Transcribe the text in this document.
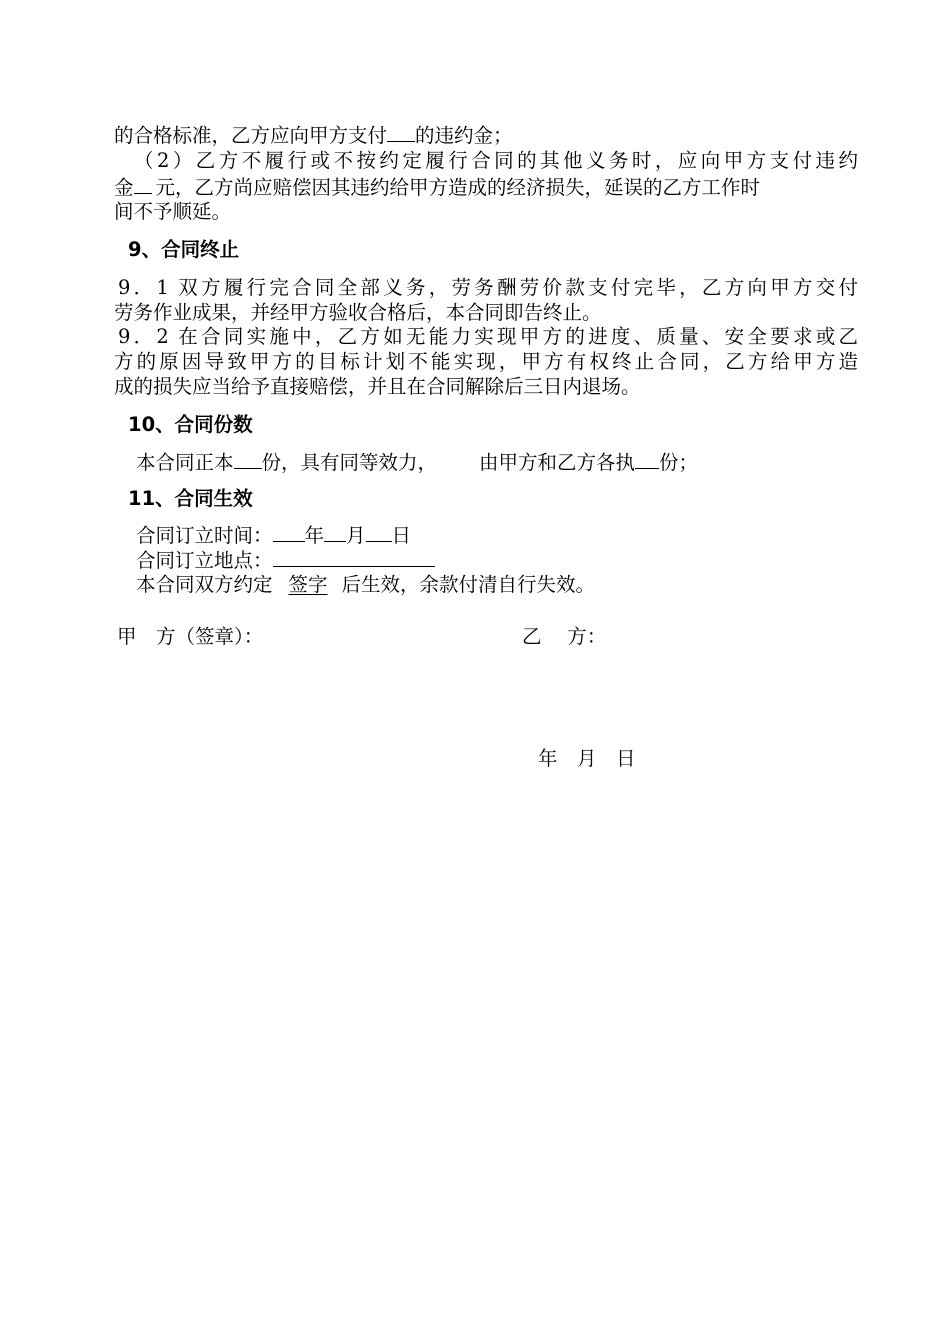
的合格标准，乙方应向甲方支付 的违约金；
（2）乙方不履行或不按约定履行合同的其他义务时，应向甲方支付违约
金 元，乙方尚应赔偿因其违约给甲方造成的经济损失，延误的乙方工作时
间不予顺延。
9、合同终止
9．1 双方履行完合同全部义务，劳务酬劳价款支付完毕，乙方向甲方交付
劳务作业成果，并经甲方验收合格后，本合同即告终止。
9．2 在合同实施中，乙方如无能力实现甲方的进度、质量、安全要求或乙
方的原因导致甲方的目标计划不能实现，甲方有权终止合同，乙方给甲方造
成的损失应当给予直接赔偿，并且在合同解除后三日内退场。
10、合同份数
本合同正本 份，具有同等效力， 由甲方和乙方各执 份；
11、合同生效
合同订立时间： 年 月 日
合同订立地点：
本合同双方约定 签字 后生效，余款付清自行失效。
甲　方（签章）：	乙　 方：
年　月　日
